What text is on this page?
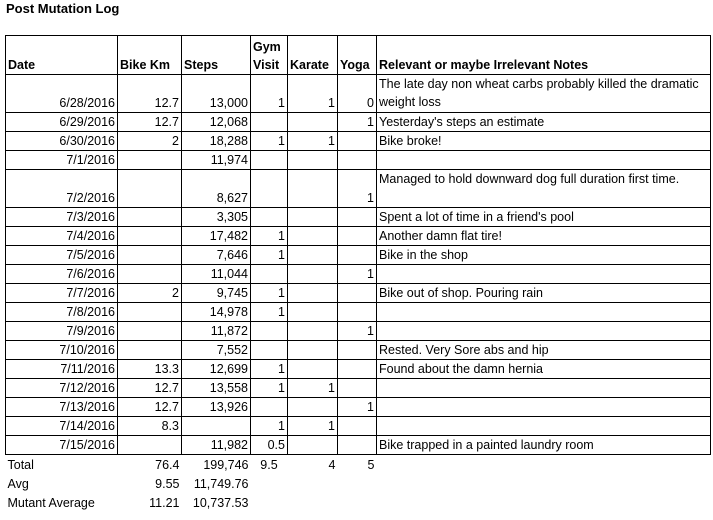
Post Mutation Log
Date	Bike Km	Steps	Gym Visit	Karate	Yoga	Relevant or maybe Irrelevant Notes
6/28/2016	12.7	13,000	1	1	0	The late day non wheat carbs probably killed the dramatic weight loss
6/29/2016	12.7	12,068			1	Yesterday's steps an estimate
6/30/2016	2	18,288	1	1		Bike broke!
7/1/2016		11,974				
7/2/2016		8,627			1	Managed to hold downward dog full duration first time.
7/3/2016		3,305				Spent a lot of time in a friend's pool
7/4/2016		17,482	1			Another damn flat tire!
7/5/2016		7,646	1			Bike in the shop
7/6/2016		11,044			1	
7/7/2016	2	9,745	1			Bike out of shop. Pouring rain
7/8/2016		14,978	1			
7/9/2016		11,872			1	
7/10/2016		7,552				Rested. Very Sore abs and hip
7/11/2016	13.3	12,699	1			Found about the damn hernia
7/12/2016	12.7	13,558	1	1		
7/13/2016	12.7	13,926			1	
7/14/2016	8.3		1	1		
7/15/2016		11,982	0.5			Bike trapped in a painted laundry room
Total	76.4	199,746	9.5	4	5	
Avg	9.55	11,749.76				
Mutant Average	11.21	10,737.53				
